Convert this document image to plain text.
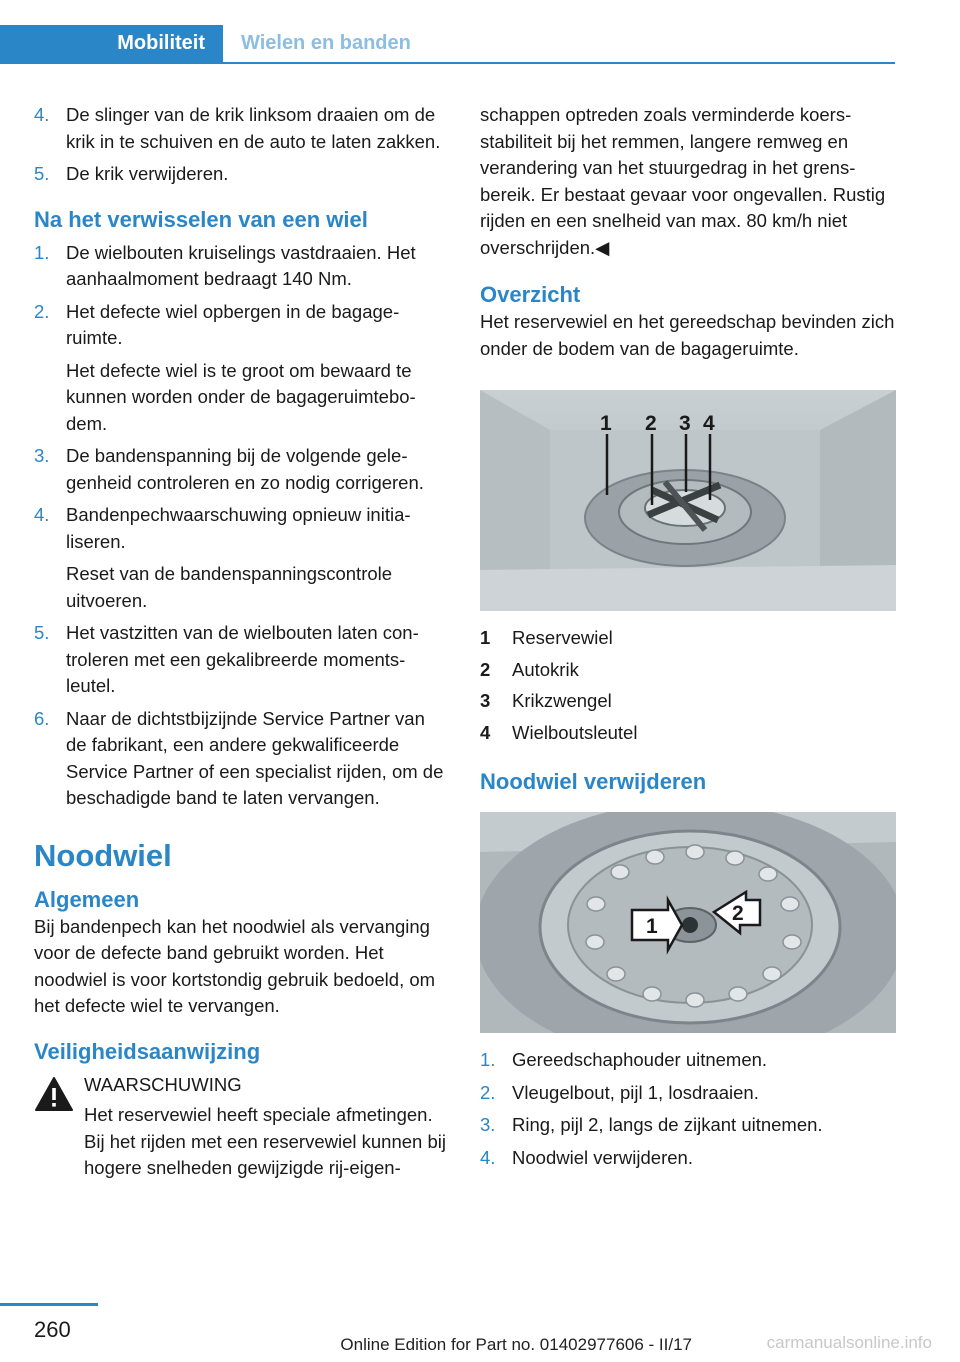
Mobiliteit	Wielen en banden
4. De slinger van de krik linksom draaien om de krik in te schuiven en de auto te laten zakken.
5. De krik verwijderen.
Na het verwisselen van een wiel
1. De wielbouten kruiselings vastdraaien. Het aanhaalmoment bedraagt 140 Nm.

2. Het defecte wiel opbergen in de bagageruimte.

Het defecte wiel is te groot om bewaard te kunnen worden onder de bagageruimtebodem.

3. De bandenspanning bij de volgende gelegenheid controleren en zo nodig corrigeren.

4. Bandenpechwaarschuwing opnieuw initialiseren.

Reset van de bandenspanningscontrole uitvoeren.

5. Het vastzitten van de wielbouten laten controleren met een gekalibreerde momentsleutel.

6. Naar de dichtstbijzijnde Service Partner van de fabrikant, een andere gekwalificeerde Service Partner of een specialist rijden, om de beschadigde band te laten vervangen.

Noodwiel
Algemeen

Bij bandenpech kan het noodwiel als vervanging voor de defecte band gebruikt worden. Het noodwiel is voor kortstondig gebruik bedoeld, om het defecte wiel te vervangen.

Veiligheidsaanwijzing

WAARSCHUWING

Het reservewiel heeft speciale afmetingen. Bij het rijden met een reservewiel kunnen bij hogere snelheden gewijzigde rij-eigen-

schappen optreden zoals verminderde koersstabiliteit bij het remmen, langere remweg en verandering van het stuurgedrag in het grensbereik. Er bestaat gevaar voor ongevallen. Rustig rijden en een snelheid van max. 80 km/h niet overschrijden.◀

Overzicht

Het reservewiel en het gereedschap bevinden zich onder de bodem van de bagageruimte.

1 2 3 4
1	Reservewiel
2	Autokrik
3	Krikzwengel
4	Wielboutsleutel
Noodwiel verwijderen
1
2
1. Gereedschaphouder uitnemen.
2. Vleugelbout, pijl 1, losdraaien.
3. Ring, pijl 2, langs de zijkant uitnemen.
4. Noodwiel verwijderen.
260
Online Edition for Part no. 01402977606 - II/17	carmanualsonline.info
